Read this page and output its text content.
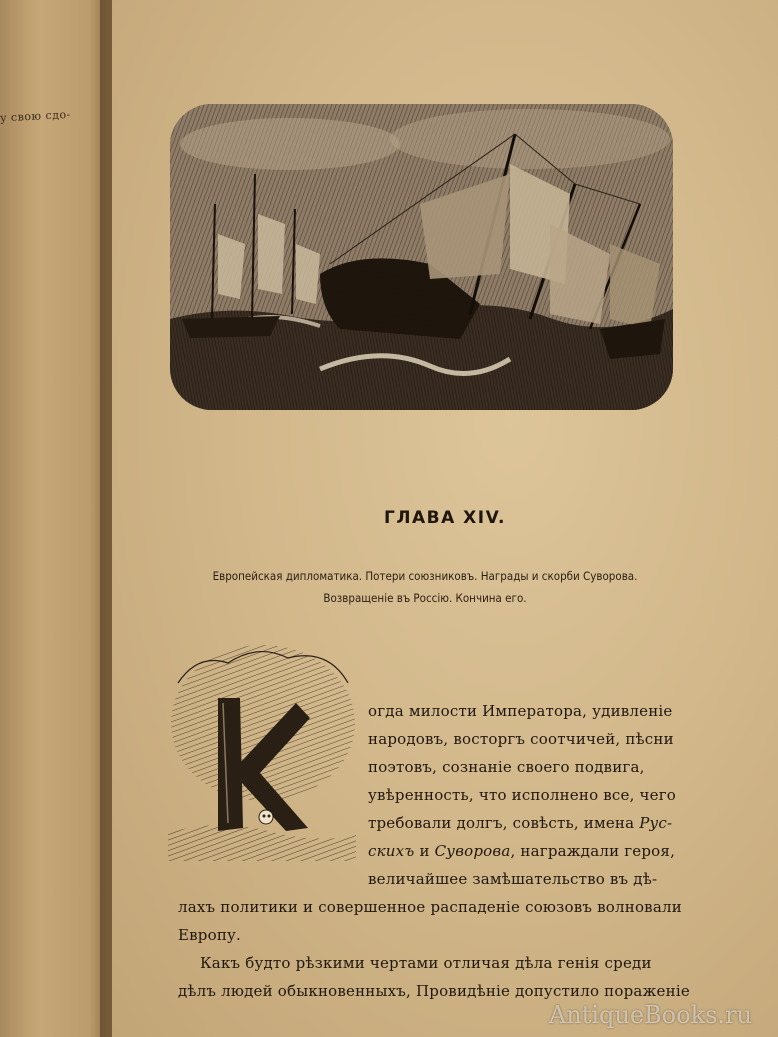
у свою сдо-
ГЛАВА XIV.
Европейская дипломатика. Потери союзниковъ. Награды и скорби Суворова.
Возвращеніе въ Россію. Кончина его.
огда милости Императора, удивленіе
народовъ, восторгъ соотчичей, пѣсни
поэтовъ, сознаніе своего подвига,
увѣренность, что исполнено все, чего
требовали долгъ, совѣсть, имена Рус-
скихъ и Суворова, награждали героя,
величайшее замѣшательство въ дѣ-
лахъ политики и совершенное распаденіе союзовъ волновали
Европу.
Какъ будто рѣзкими чертами отличая дѣла генія среди
дѣлъ людей обыкновенныхъ, Провидѣніе допустило пораженіе
AntiqueBooks.ru
